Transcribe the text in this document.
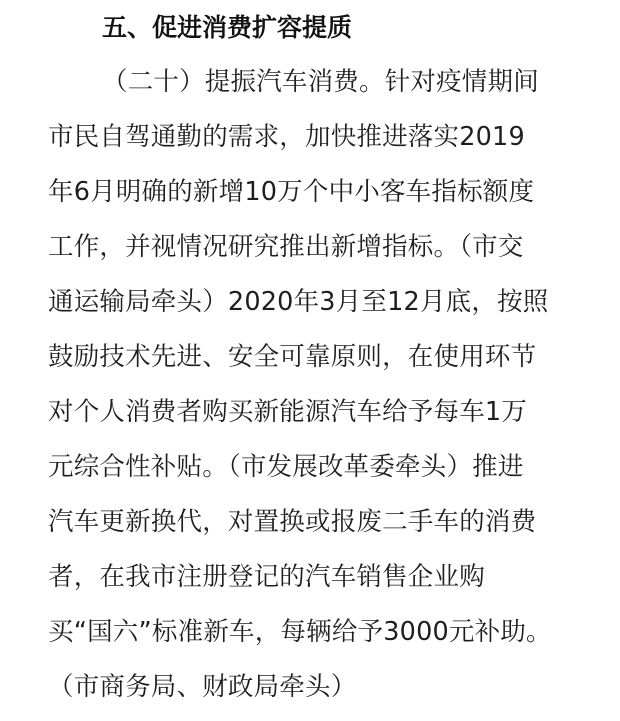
五、促进消费扩容提质
（二十）提振汽车消费。针对疫情期间
市民自驾通勤的需求，加快推进落实2019
年6月明确的新增10万个中小客车指标额度
工作，并视情况研究推出新增指标。（市交
通运输局牵头）2020年3月至12月底，按照
鼓励技术先进、安全可靠原则，在使用环节
对个人消费者购买新能源汽车给予每车1万
元综合性补贴。（市发展改革委牵头）推进
汽车更新换代，对置换或报废二手车的消费
者，在我市注册登记的汽车销售企业购
买“国六”标准新车，每辆给予3000元补助。
（市商务局、财政局牵头）
